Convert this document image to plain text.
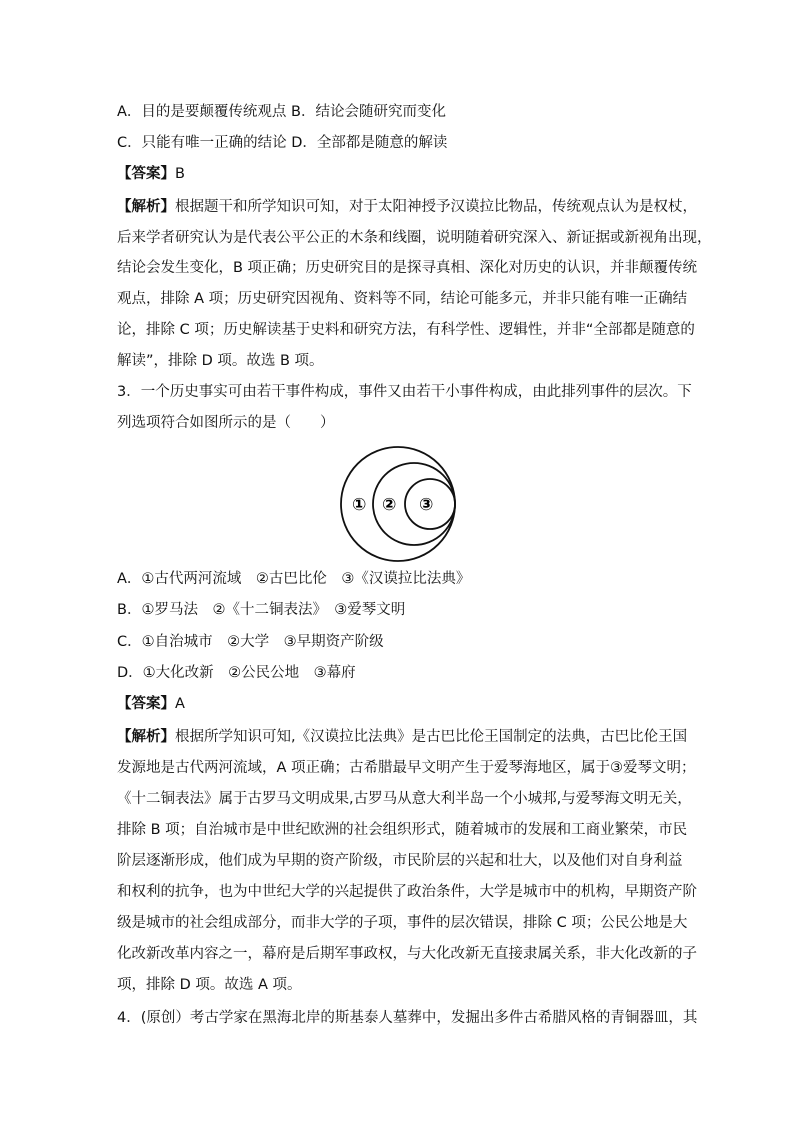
A．目的是要颠覆传统观点 B．结论会随研究而变化
C．只能有唯一正确的结论 D．全部都是随意的解读
【答案】B
【解析】根据题干和所学知识可知，对于太阳神授予汉谟拉比物品，传统观点认为是权杖，
后来学者研究认为是代表公平公正的木条和线圈，说明随着研究深入、新证据或新视角出现，
结论会发生变化，B 项正确；历史研究目的是探寻真相、深化对历史的认识，并非颠覆传统
观点，排除 A 项；历史研究因视角、资料等不同，结论可能多元，并非只能有唯一正确结
论，排除 C 项；历史解读基于史料和研究方法，有科学性、逻辑性，并非“全部都是随意的
解读”，排除 D 项。故选 B 项。
3．一个历史事实可由若干事件构成，事件又由若干小事件构成，由此排列事件的层次。下
列选项符合如图所示的是（　　）
① ② ③
A．①古代两河流域　②古巴比伦　③《汉谟拉比法典》
B．①罗马法　②《十二铜表法》　③爱琴文明
C．①自治城市　②大学　③早期资产阶级
D．①大化改新　②公民公地　③幕府
【答案】A
【解析】根据所学知识可知,《汉谟拉比法典》是古巴比伦王国制定的法典，古巴比伦王国
发源地是古代两河流域，A 项正确；古希腊最早文明产生于爱琴海地区，属于③爱琴文明；
《十二铜表法》属于古罗马文明成果,古罗马从意大利半岛一个小城邦,与爱琴海文明无关，
排除 B 项；自治城市是中世纪欧洲的社会组织形式，随着城市的发展和工商业繁荣，市民
阶层逐渐形成，他们成为早期的资产阶级，市民阶层的兴起和壮大，以及他们对自身利益
和权利的抗争，也为中世纪大学的兴起提供了政治条件，大学是城市中的机构，早期资产阶
级是城市的社会组成部分，而非大学的子项，事件的层次错误，排除 C 项；公民公地是大
化改新改革内容之一，幕府是后期军事政权，与大化改新无直接隶属关系，非大化改新的子
项，排除 D 项。故选 A 项。
4．(原创）考古学家在黑海北岸的斯基泰人墓葬中，发掘出多件古希腊风格的青铜器皿，其
